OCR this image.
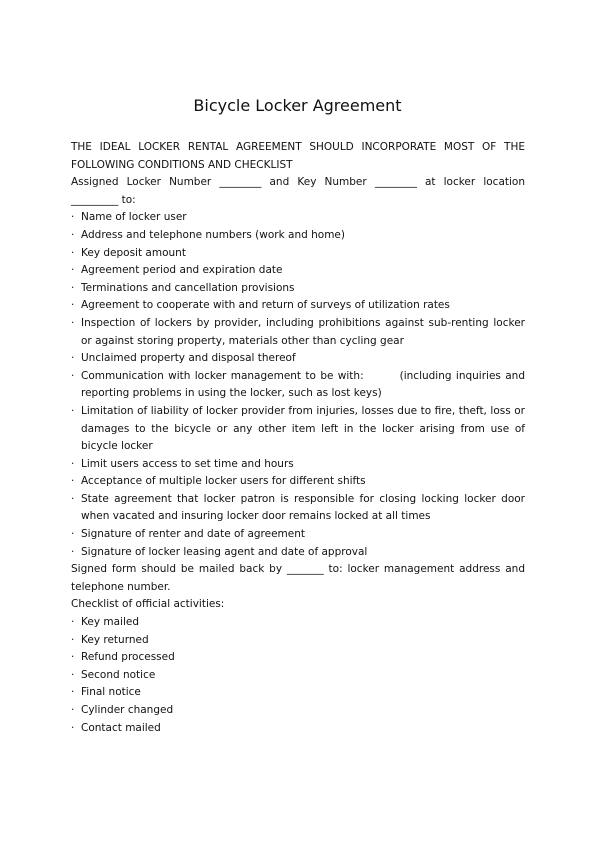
Bicycle Locker Agreement

THE IDEAL LOCKER RENTAL AGREEMENT SHOULD INCORPORATE MOST OF THE FOLLOWING CONDITIONS AND CHECKLIST

Assigned Locker Number ________ and Key Number ________ at locker location _________ to:

· Name of locker user
· Address and telephone numbers (work and home)
· Key deposit amount
· Agreement period and expiration date
· Terminations and cancellation provisions
· Agreement to cooperate with and return of surveys of utilization rates
· Inspection of lockers by provider, including prohibitions against sub-renting locker or against storing property, materials other than cycling gear
· Unclaimed property and disposal thereof
· Communication with locker management to be with:	(including inquiries and reporting problems in using the locker, such as lost keys)
· Limitation of liability of locker provider from injuries, losses due to fire, theft, loss or damages to the bicycle or any other item left in the locker arising from use of bicycle locker
· Limit users access to set time and hours
· Acceptance of multiple locker users for different shifts
· State agreement that locker patron is responsible for closing locking locker door when vacated and insuring locker door remains locked at all times
· Signature of renter and date of agreement
· Signature of locker leasing agent and date of approval

Signed form should be mailed back by _______ to: locker management address and telephone number.

Checklist of official activities:

· Key mailed
· Key returned
· Refund processed
· Second notice
· Final notice
· Cylinder changed
· Contact mailed
